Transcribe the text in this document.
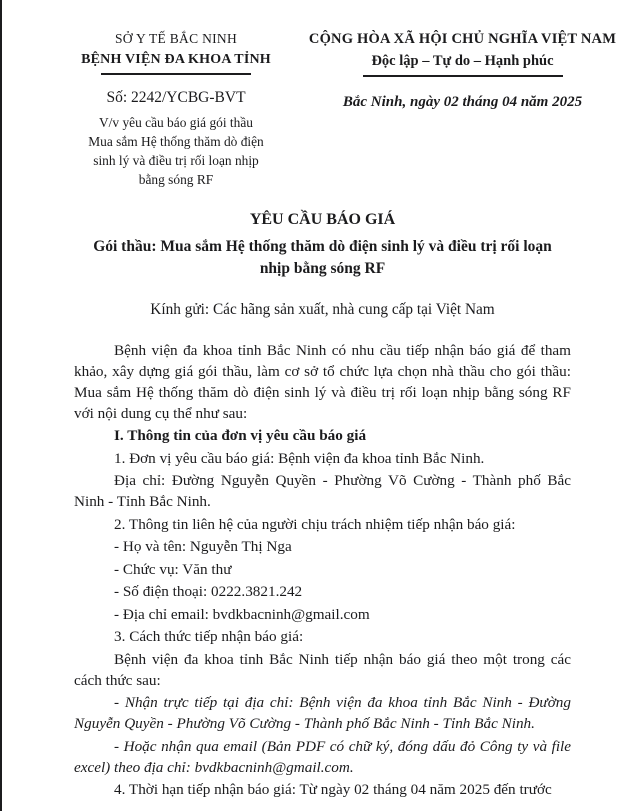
SỞ Y TẾ BẮC NINH
BỆNH VIỆN ĐA KHOA TỈNH
Số: 2242/YCBG-BVT
V/v yêu cầu báo giá gói thầu
Mua sắm Hệ thống thăm dò điện
sinh lý và điều trị rối loạn nhịp
bằng sóng RF
CỘNG HÒA XÃ HỘI CHỦ NGHĨA VIỆT NAM
Độc lập – Tự do – Hạnh phúc
Bắc Ninh, ngày 02 tháng 04 năm 2025
YÊU CẦU BÁO GIÁ
Gói thầu: Mua sắm Hệ thống thăm dò điện sinh lý và điều trị rối loạn
nhịp bằng sóng RF
Kính gửi: Các hãng sản xuất, nhà cung cấp tại Việt Nam

Bệnh viện đa khoa tỉnh Bắc Ninh có nhu cầu tiếp nhận báo giá để tham khảo, xây dựng giá gói thầu, làm cơ sở tổ chức lựa chọn nhà thầu cho gói thầu: Mua sắm Hệ thống thăm dò điện sinh lý và điều trị rối loạn nhịp bằng sóng RF với nội dung cụ thể như sau:

I. Thông tin của đơn vị yêu cầu báo giá

1. Đơn vị yêu cầu báo giá: Bệnh viện đa khoa tỉnh Bắc Ninh.

Địa chỉ: Đường Nguyễn Quyền - Phường Võ Cường - Thành phố Bắc Ninh - Tỉnh Bắc Ninh.

2. Thông tin liên hệ của người chịu trách nhiệm tiếp nhận báo giá:

- Họ và tên: Nguyễn Thị Nga

- Chức vụ: Văn thư

- Số điện thoại: 0222.3821.242

- Địa chỉ email: bvdkbacninh@gmail.com

3. Cách thức tiếp nhận báo giá:

Bệnh viện đa khoa tỉnh Bắc Ninh tiếp nhận báo giá theo một trong các cách thức sau:

- Nhận trực tiếp tại địa chỉ: Bệnh viện đa khoa tỉnh Bắc Ninh - Đường Nguyễn Quyền - Phường Võ Cường - Thành phố Bắc Ninh - Tỉnh Bắc Ninh.

- Hoặc nhận qua email (Bản PDF có chữ ký, đóng dấu đỏ Công ty và file excel) theo địa chỉ: bvdkbacninh@gmail.com.

4. Thời hạn tiếp nhận báo giá: Từ ngày 02 tháng 04 năm 2025 đến trước
